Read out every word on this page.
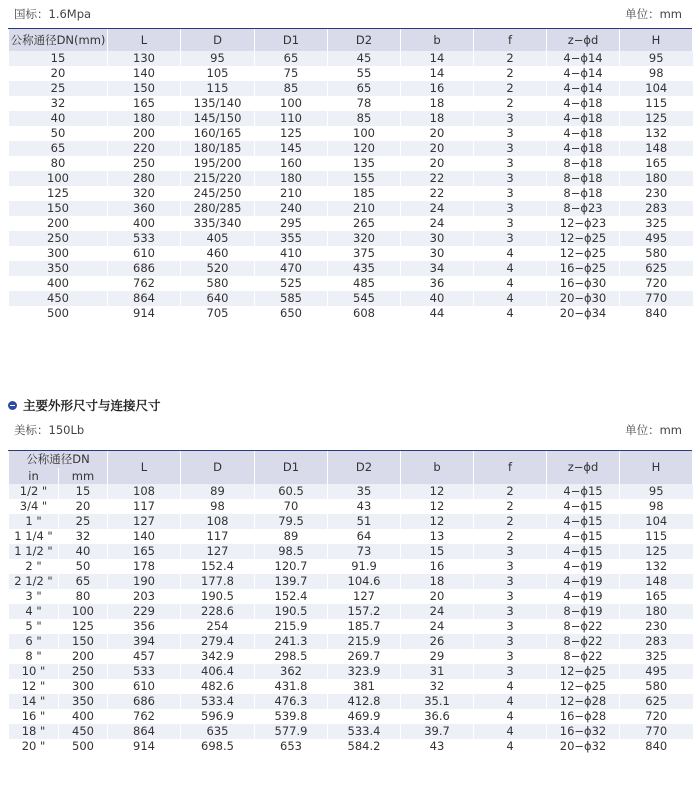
国标：1.6Mpa	单位：mm
公称通径DN(mm)	L	D	D1	D2	b	f	z−ϕd	H
15	130	95	65	45	14	2	4−ϕ14	95
20	140	105	75	55	14	2	4−ϕ14	98
25	150	115	85	65	16	2	4−ϕ14	104
32	165	135/140	100	78	18	2	4−ϕ18	115
40	180	145/150	110	85	18	3	4−ϕ18	125
50	200	160/165	125	100	20	3	4−ϕ18	132
65	220	180/185	145	120	20	3	4−ϕ18	148
80	250	195/200	160	135	20	3	8−ϕ18	165
100	280	215/220	180	155	22	3	8−ϕ18	180
125	320	245/250	210	185	22	3	8−ϕ18	230
150	360	280/285	240	210	24	3	8−ϕ23	283
200	400	335/340	295	265	24	3	12−ϕ23	325
250	533	405	355	320	30	3	12−ϕ25	495
300	610	460	410	375	30	4	12−ϕ25	580
350	686	520	470	435	34	4	16−ϕ25	625
400	762	580	525	485	36	4	16−ϕ30	720
450	864	640	585	545	40	4	20−ϕ30	770
500	914	705	650	608	44	4	20−ϕ34	840
主要外形尺寸与连接尺寸
美标：150Lb	单位：mm
公称通径DN		L	D	D1	D2	b	f	z−ϕd	H
in	mm								
1/2 "	15	108	89	60.5	35	12	2	4−ϕ15	95
3/4 "	20	117	98	70	43	12	2	4−ϕ15	98
1 "	25	127	108	79.5	51	12	2	4−ϕ15	104
1 1/4 "	32	140	117	89	64	13	2	4−ϕ15	115
1 1/2 "	40	165	127	98.5	73	15	3	4−ϕ15	125
2 "	50	178	152.4	120.7	91.9	16	3	4−ϕ19	132
2 1/2 "	65	190	177.8	139.7	104.6	18	3	4−ϕ19	148
3 "	80	203	190.5	152.4	127	20	3	4−ϕ19	165
4 "	100	229	228.6	190.5	157.2	24	3	8−ϕ19	180
5 "	125	356	254	215.9	185.7	24	3	8−ϕ22	230
6 "	150	394	279.4	241.3	215.9	26	3	8−ϕ22	283
8 "	200	457	342.9	298.5	269.7	29	3	8−ϕ22	325
10 "	250	533	406.4	362	323.9	31	3	12−ϕ25	495
12 "	300	610	482.6	431.8	381	32	4	12−ϕ25	580
14 "	350	686	533.4	476.3	412.8	35.1	4	12−ϕ28	625
16 "	400	762	596.9	539.8	469.9	36.6	4	16−ϕ28	720
18 "	450	864	635	577.9	533.4	39.7	4	16−ϕ32	770
20 "	500	914	698.5	653	584.2	43	4	20−ϕ32	840
